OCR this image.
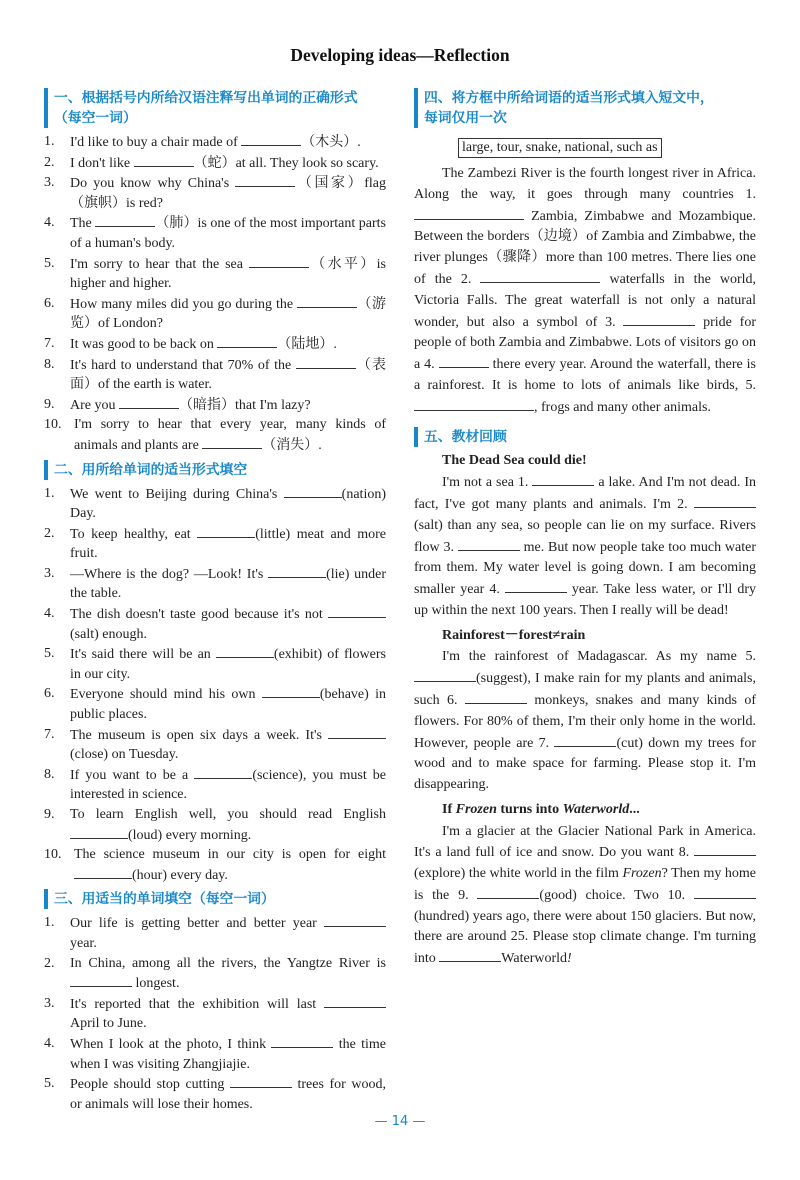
Developing ideas—Reflection
一、根据括号内所给汉语注释写出单词的正确形式
（每空一词）
1.	I'd like to buy a chair made of	（木头）.
2.	I don't like	（蛇）at all. They look so scary.
3.	Do you know why China's	（国家）flag （旗帜）is red?
4.	The	（肺）is one of the most important parts of a human's body.
5.	I'm sorry to hear that the sea	（水平）is higher and higher.
6.	How many miles did you go during the	（游览）of London?
7.	It was good to be back on	（陆地）.
8.	It's hard to understand that 70% of the	（表面）of the earth is water.
9.	Are you	（暗指）that I'm lazy?
10. I'm sorry to hear that every year, many kinds of animals and plants are	（消失）.
二、用所给单词的适当形式填空
1.	We went to Beijing during China's	(nation) Day.
2.	To keep healthy, eat	(little) meat and more fruit.
3.	—Where is the dog? —Look! It's	(lie) under the table.
4.	The dish doesn't taste good because it's not (salt) enough.
5.	It's said there will be an	(exhibit) of flowers in our city.
6.	Everyone should mind his own	(behave) in public places.
7.	The museum is open six days a week. It's (close) on Tuesday.
8.	If you want to be a	(science), you must be interested in science.
9.	To learn English well, you should read English (loud) every morning.
10. The science museum in our city is open for eight (hour) every day.
三、用适当的单词填空（每空一词）
1.	Our life is getting better and better year  year.
2.	In China, among all the rivers, the Yangtze River is  longest.
3.	It's reported that the exhibition will last  April to June.
4.	When I look at the photo, I think	the time when I was visiting Zhangjiajie.
5.	People should stop cutting	trees for wood, or animals will lose their homes.
四、将方框中所给词语的适当形式填入短文中，
每词仅用一次
large, tour, snake, national, such as
The Zambezi River is the fourth longest river in Africa. Along the way, it goes through many countries 1.  Zambia, Zimbabwe and Mozambique. Between the borders（边境）of Zambia and Zimbabwe, the river plunges（骤降）more than 100 metres. There lies one of the 2.	waterfalls in the world, Victoria Falls. The great waterfall is not only a natural wonder, but also a symbol of 3.	pride for people of both Zambia and Zimbabwe. Lots of visitors go on a 4.	there every year. Around the waterfall, there is a rainforest. It is home to lots of animals like birds, 5. , frogs and many other animals.
五、教材回顾
The Dead Sea could die!
I'm not a sea 1.	a lake. And I'm not dead. In fact, I've got many plants and animals. I'm 2. (salt) than any sea, so people can lie on my surface. Rivers flow 3.	me. But now people take too much water from them. My water level is going down. I am becoming smaller year 4.	year. Take less water, or I'll dry up within the next 100 years. Then I really will be dead!
Rainforest－forest≠rain
I'm the rainforest of Madagascar. As my name 5. (suggest), I make rain for my plants and animals, such 6.	monkeys, snakes and many kinds of flowers. For 80% of them, I'm their only home in the world. However, people are 7.	(cut) down my trees for wood and to make space for farming. Please stop it. I'm disappearing.
If Frozen turns into Waterworld...
I'm a glacier at the Glacier National Park in America. It's a land full of ice and snow. Do you want 8. (explore) the white world in the film Frozen? Then my home is the 9.	(good) choice. Two 10. (hundred) years ago, there were about 150 glaciers. But now, there are around 25. Please stop climate change. I'm turning into	Waterworld!
— 14 —
